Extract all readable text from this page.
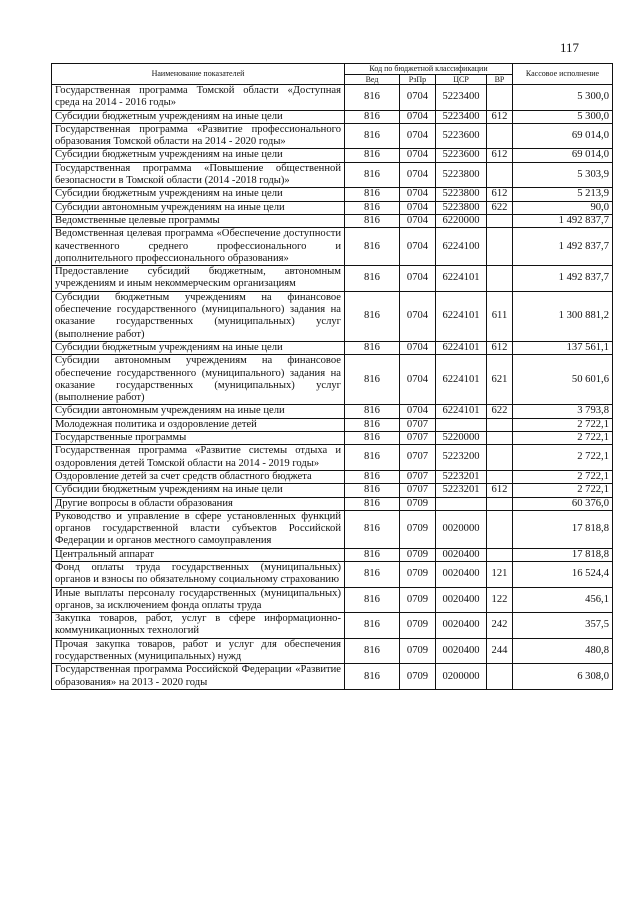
117
Наименование показателей	Код по бюджетной классификации				Кассовое исполнение
	Вед	РзПр	ЦСР	ВР	
Государственная программа Томской области «Доступная среда на 2014 - 2016 годы»	816	0704	5223400		5 300,0
Субсидии бюджетным учреждениям на иные цели	816	0704	5223400	612	5 300,0
Государственная программа «Развитие профессионального образования Томской области на 2014 - 2020 годы»	816	0704	5223600		69 014,0
Субсидии бюджетным учреждениям на иные цели	816	0704	5223600	612	69 014,0
Государственная программа «Повышение общественной безопасности в Томской области (2014 -2018 годы)»	816	0704	5223800		5 303,9
Субсидии бюджетным учреждениям на иные цели	816	0704	5223800	612	5 213,9
Субсидии автономным учреждениям на иные цели	816	0704	5223800	622	90,0
Ведомственные целевые программы	816	0704	6220000		1 492 837,7
Ведомственная целевая программа «Обеспечение доступности качественного среднего профессионального и дополнительного профессионального образования»	816	0704	6224100		1 492 837,7
Предоставление субсидий бюджетным, автономным учреждениям и иным некоммерческим организациям	816	0704	6224101		1 492 837,7
Субсидии бюджетным учреждениям на финансовое обеспечение государственного (муниципального) задания на оказание государственных (муниципальных) услуг (выполнение работ)	816	0704	6224101	611	1 300 881,2
Субсидии бюджетным учреждениям на иные цели	816	0704	6224101	612	137 561,1
Субсидии автономным учреждениям на финансовое обеспечение государственного (муниципального) задания на оказание государственных (муниципальных) услуг (выполнение работ)	816	0704	6224101	621	50 601,6
Субсидии автономным учреждениям на иные цели	816	0704	6224101	622	3 793,8
Молодежная политика и оздоровление детей	816	0707			2 722,1
Государственные программы	816	0707	5220000		2 722,1
Государственная программа «Развитие системы отдыха и оздоровления детей Томской области на 2014 - 2019 годы»	816	0707	5223200		2 722,1
Оздоровление детей за счет средств областного бюджета	816	0707	5223201		2 722,1
Субсидии бюджетным учреждениям на иные цели	816	0707	5223201	612	2 722,1
Другие вопросы в области образования	816	0709			60 376,0
Руководство и управление в сфере установленных функций органов государственной власти субъектов Российской Федерации и органов местного самоуправления	816	0709	0020000		17 818,8
Центральный аппарат	816	0709	0020400		17 818,8
Фонд оплаты труда государственных (муниципальных) органов и взносы по обязательному социальному страхованию	816	0709	0020400	121	16 524,4
Иные выплаты персоналу государственных (муниципальных) органов, за исключением фонда оплаты труда	816	0709	0020400	122	456,1
Закупка товаров, работ, услуг в сфере информационно-коммуникационных технологий	816	0709	0020400	242	357,5
Прочая закупка товаров, работ и услуг для обеспечения государственных (муниципальных) нужд	816	0709	0020400	244	480,8
Государственная программа Российской Федерации «Развитие образования» на 2013 - 2020 годы	816	0709	0200000		6 308,0
